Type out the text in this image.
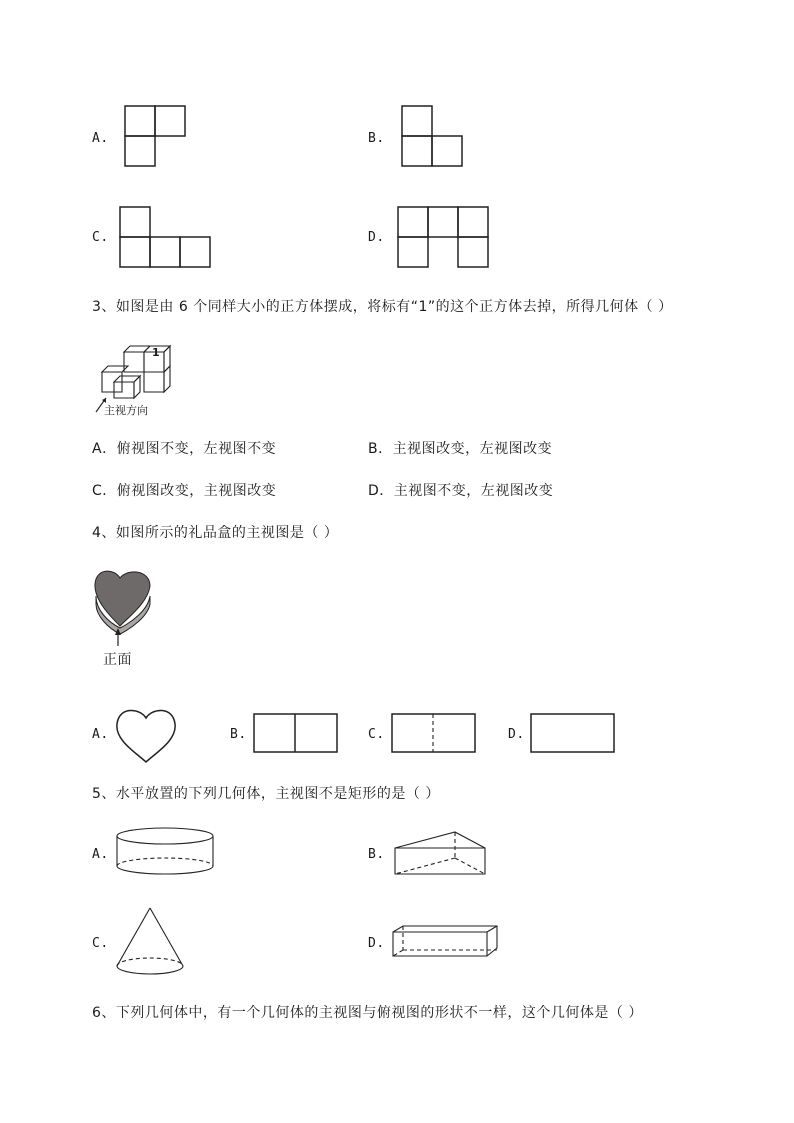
A.	B.
C.	D.
3、如图是由 6 个同样大小的正方体摆成，将标有“1”的这个正方体去掉，所得几何体（ ）
1
主视方向
A．俯视图不变，左视图不变	B．主视图改变，左视图改变
C．俯视图改变，主视图改变	D．主视图不变，左视图改变
4、如图所示的礼品盒的主视图是（ ）
正面
A.	B.	C.	D.
5、水平放置的下列几何体，主视图不是矩形的是（ ）
A.	B.
C.	D.
6、下列几何体中，有一个几何体的主视图与俯视图的形状不一样，这个几何体是（ ）
